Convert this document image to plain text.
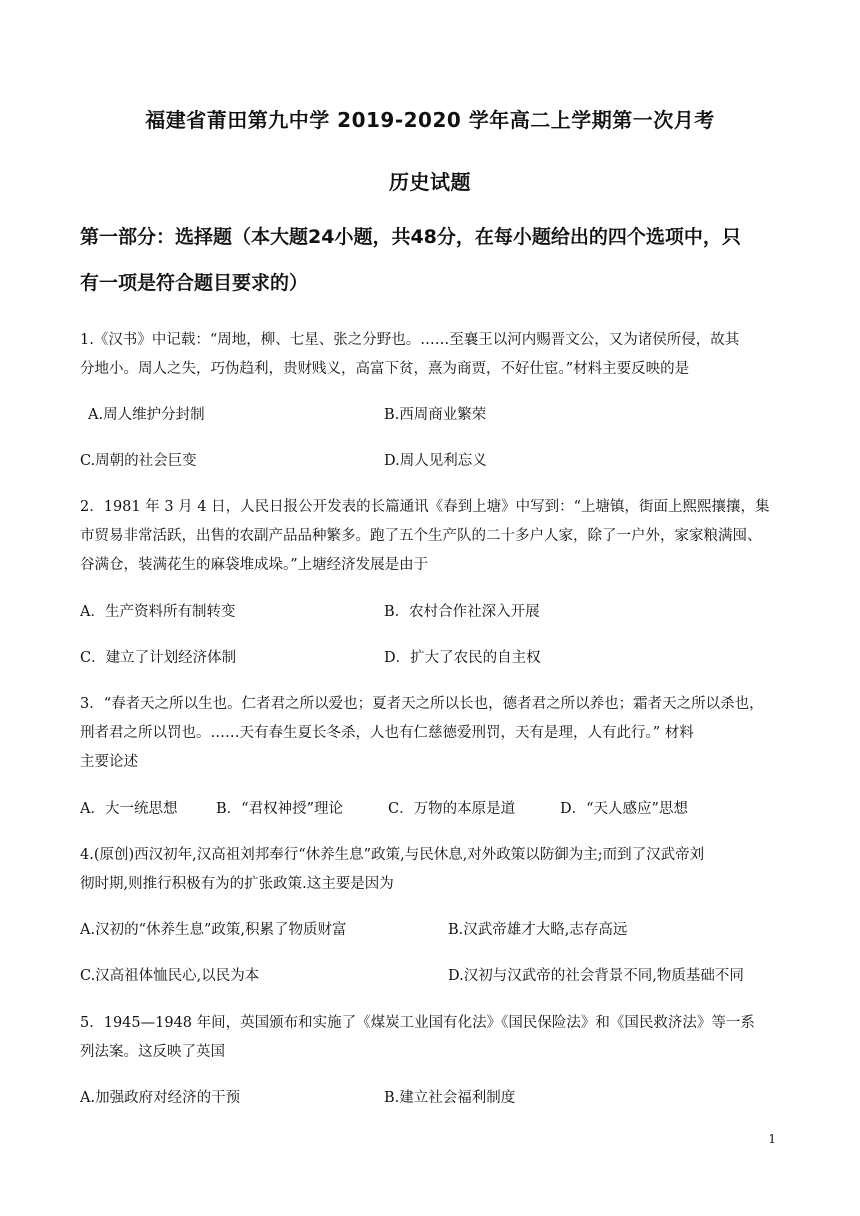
福建省莆田第九中学 2019-2020 学年高二上学期第一次月考
历史试题
第一部分：选择题（本大题24小题，共48分，在每小题给出的四个选项中，只
有一项是符合题目要求的）
1.《汉书》中记载：“周地，柳、七星、张之分野也。……至襄王以河内赐晋文公，又为诸侯所侵，故其
分地小。周人之失，巧伪趋利，贵财贱义，高富下贫，熹为商贾，不好仕宦。”材料主要反映的是
A.周人维护分封制	B.西周商业繁荣
C.周朝的社会巨变	D.周人见利忘义
2．1981 年 3 月 4 日，人民日报公开发表的长篇通讯《春到上塘》中写到：“上塘镇，街面上熙熙攘攘，集
市贸易非常活跃，出售的农副产品品种繁多。跑了五个生产队的二十多户人家，除了一户外，家家粮满囤、
谷满仓，装满花生的麻袋堆成垛。”上塘经济发展是由于
A．生产资料所有制转变	B．农村合作社深入开展
C．建立了计划经济体制	D．扩大了农民的自主权
3．“春者天之所以生也。仁者君之所以爱也；夏者天之所以长也，德者君之所以养也；霜者天之所以杀也，
刑者君之所以罚也。……天有春生夏长冬杀，人也有仁慈德爱刑罚，天有是理，人有此行。” 材料
主要论述
A．大一统思想	B．“君权神授”理论	C．万物的本原是道	D．“天人感应”思想
4.(原创)西汉初年,汉高祖刘邦奉行“休养生息”政策,与民休息,对外政策以防御为主;而到了汉武帝刘
彻时期,则推行积极有为的扩张政策.这主要是因为
A.汉初的“休养生息”政策,积累了物质财富	B.汉武帝雄才大略,志存高远
C.汉高祖体恤民心,以民为本	D.汉初与汉武帝的社会背景不同,物质基础不同
5．1945—1948 年间，英国颁布和实施了《煤炭工业国有化法》《国民保险法》和《国民救济法》等一系
列法案。这反映了英国
A.加强政府对经济的干预	B.建立社会福利制度
1
